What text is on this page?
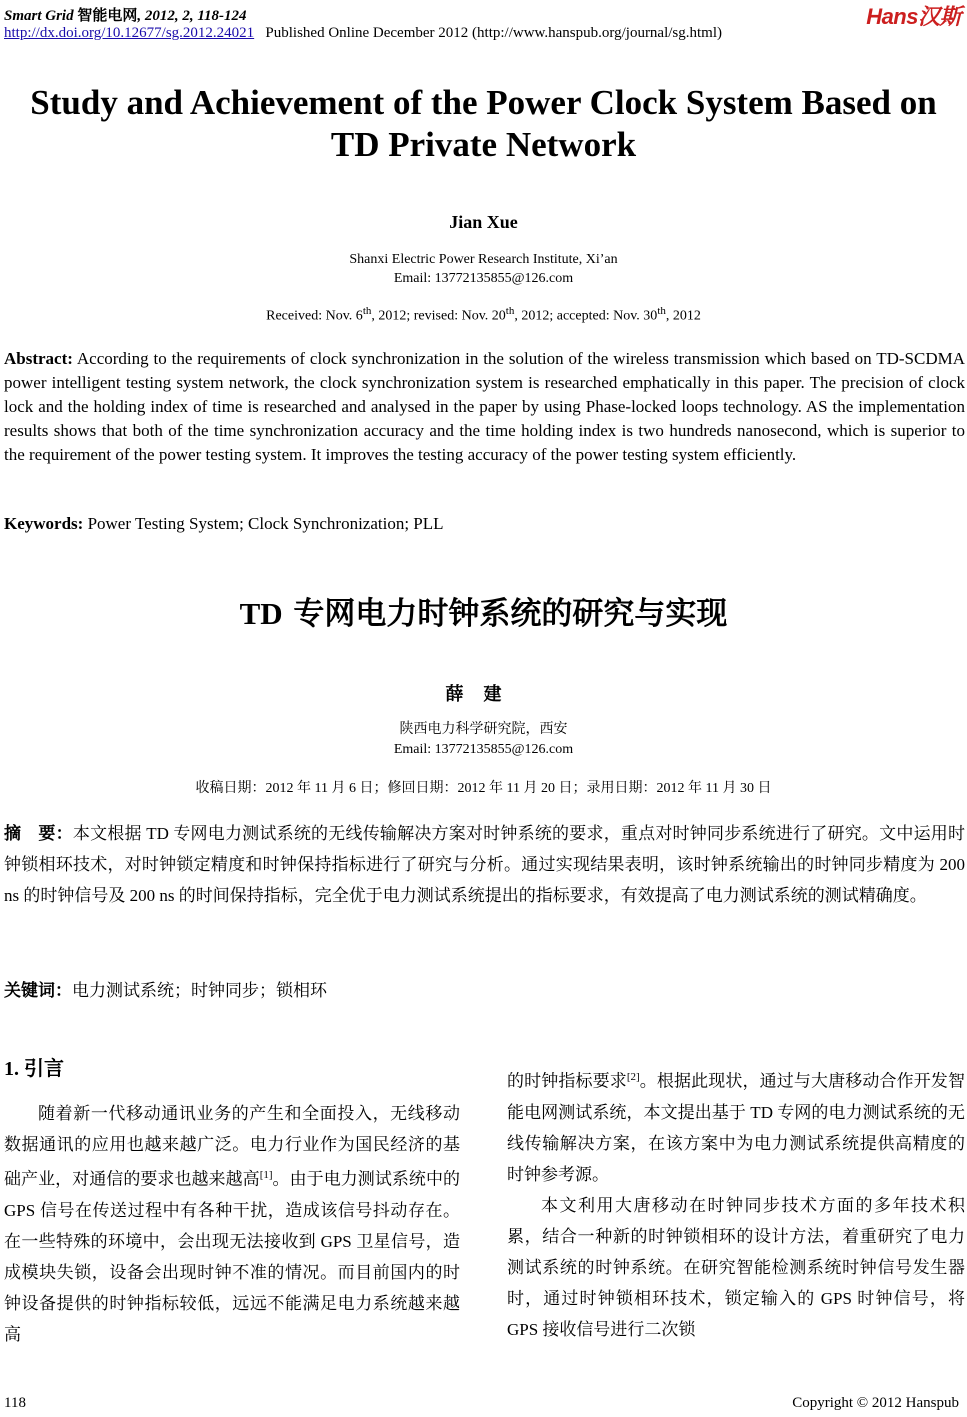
Smart Grid 智能电网, 2012, 2, 118-124
http://dx.doi.org/10.12677/sg.2012.24021 Published Online December 2012 (http://www.hanspub.org/journal/sg.html)
Hans汉斯
Study and Achievement of the Power Clock System Based on
TD Private Network
Jian Xue
Shanxi Electric Power Research Institute, Xi’an
Email: 13772135855@126.com
Received: Nov. 6th, 2012; revised: Nov. 20th, 2012; accepted: Nov. 30th, 2012
Abstract: According to the requirements of clock synchronization in the solution of the wireless transmission which based on TD-SCDMA power intelligent testing system network, the clock synchronization system is researched emphatically in this paper. The precision of clock lock and the holding index of time is researched and analysed in the paper by using Phase-locked loops technology. AS the implementation results shows that both of the time synchronization accuracy and the time holding index is two hundreds nanosecond, which is superior to the requirement of the power testing system. It improves the testing accuracy of the power testing system efficiently.
Keywords: Power Testing System; Clock Synchronization; PLL
TD 专网电力时钟系统的研究与实现
薛建
陕西电力科学研究院，西安
Email: 13772135855@126.com
收稿日期：2012 年 11 月 6 日；修回日期：2012 年 11 月 20 日；录用日期：2012 年 11 月 30 日
摘　要：本文根据 TD 专网电力测试系统的无线传输解决方案对时钟系统的要求，重点对时钟同步系统进行了研究。文中运用时钟锁相环技术，对时钟锁定精度和时钟保持指标进行了研究与分析。通过实现结果表明，该时钟系统输出的时钟同步精度为 200 ns 的时钟信号及 200 ns 的时间保持指标，完全优于电力测试系统提出的指标要求，有效提高了电力测试系统的测试精确度。
关键词：电力测试系统；时钟同步；锁相环
1. 引言
随着新一代移动通讯业务的产生和全面投入，无线移动数据通讯的应用也越来越广泛。电力行业作为国民经济的基础产业，对通信的要求也越来越高[1]。由于电力测试系统中的 GPS 信号在传送过程中有各种干扰，造成该信号抖动存在。在一些特殊的环境中，会出现无法接收到 GPS 卫星信号，造成模块失锁，设备会出现时钟不准的情况。而目前国内的时钟设备提供的时钟指标较低，远远不能满足电力系统越来越高
的时钟指标要求[2]。根据此现状，通过与大唐移动合作开发智能电网测试系统，本文提出基于 TD 专网的电力测试系统的无线传输解决方案，在该方案中为电力测试系统提供高精度的时钟参考源。
本文利用大唐移动在时钟同步技术方面的多年技术积累，结合一种新的时钟锁相环的设计方法，着重研究了电力测试系统的时钟系统。在研究智能检测系统时钟信号发生器时，通过时钟锁相环技术，锁定输入的 GPS 时钟信号，将 GPS 接收信号进行二次锁
118	Copyright © 2012 Hanspub
